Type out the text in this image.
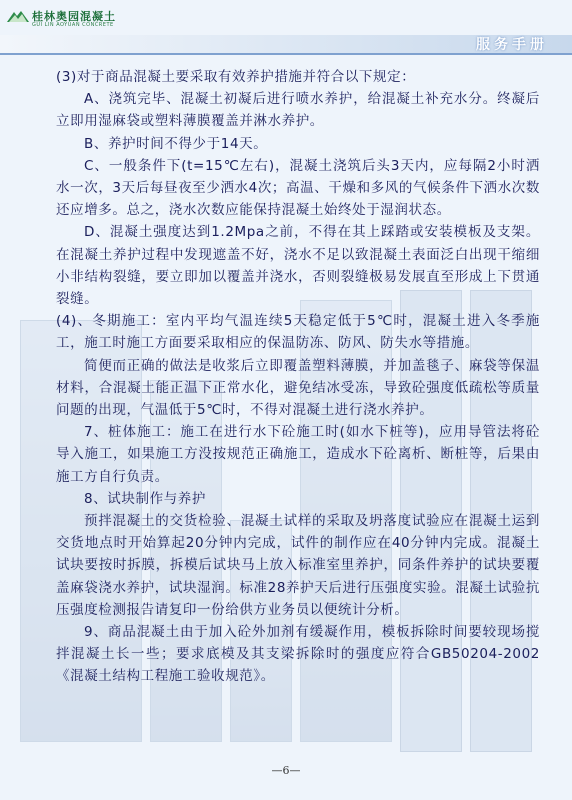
桂林奥园混凝土
GUI LIN AOYUAN CONCRETE
服务手册

(3)对于商品混凝土要采取有效养护措施并符合以下规定：

A、浇筑完毕、混凝土初凝后进行喷水养护，给混凝土补充水分。终凝后立即用湿麻袋或塑料薄膜覆盖并淋水养护。

B、养护时间不得少于14天。

C、一般条件下(t=15℃左右)，混凝土浇筑后头3天内，应每隔2小时洒水一次，3天后每昼夜至少洒水4次；高温、干燥和多风的气候条件下洒水次数还应增多。总之，浇水次数应能保持混凝土始终处于湿润状态。

D、混凝土强度达到1.2Mpa之前，不得在其上踩踏或安装模板及支架。在混凝土养护过程中发现遮盖不好，浇水不足以致混凝土表面泛白出现干缩细小非结构裂缝，要立即加以覆盖并浇水，否则裂缝极易发展直至形成上下贯通裂缝。

(4)、冬期施工：室内平均气温连续5天稳定低于5℃时，混凝土进入冬季施工，施工时施工方面要采取相应的保温防冻、防风、防失水等措施。

简便而正确的做法是收浆后立即覆盖塑料薄膜，并加盖毯子、麻袋等保温材料，合混凝土能正温下正常水化，避免结冰受冻，导致砼强度低疏松等质量问题的出现，气温低于5℃时，不得对混凝土进行浇水养护。

7、桩体施工：施工在进行水下砼施工时(如水下桩等)，应用导管法将砼导入施工，如果施工方没按规范正确施工，造成水下砼离析、断桩等，后果由施工方自行负责。

8、试块制作与养护

预拌混凝土的交货检验、混凝土试样的采取及坍落度试验应在混凝土运到交货地点时开始算起20分钟内完成，试件的制作应在40分钟内完成。混凝土试块要按时拆膜，拆模后试块马上放入标准室里养护，同条件养护的试块要覆盖麻袋浇水养护，试块湿润。标准28养护天后进行压强度实验。混凝土试验抗压强度检测报告请复印一份给供方业务员以便统计分析。

9、商品混凝土由于加入砼外加剂有缓凝作用，模板拆除时间要较现场搅拌混凝土长一些；要求底模及其支梁拆除时的强度应符合GB50204-2002《混凝土结构工程施工验收规范》。

—6—
